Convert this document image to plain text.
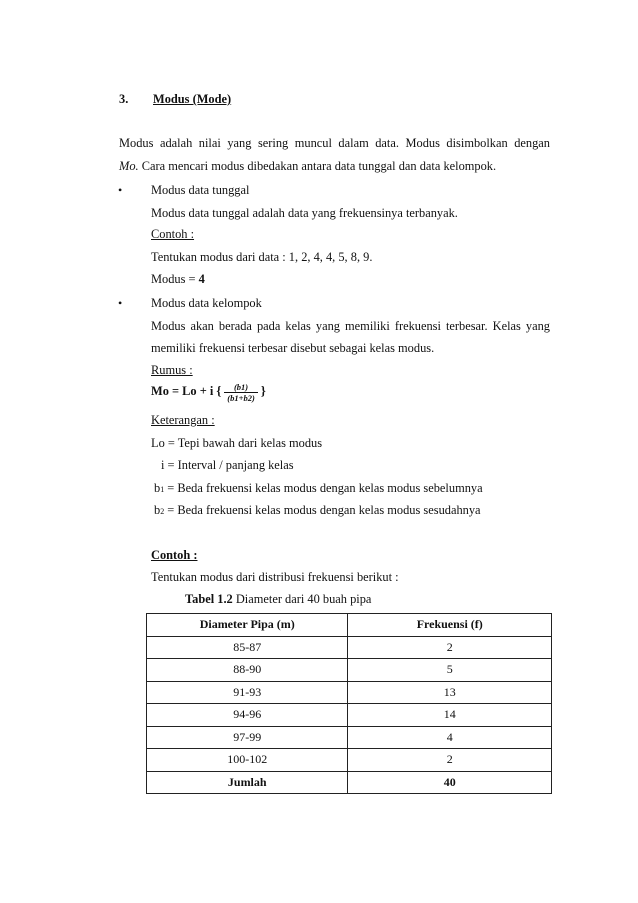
3. Modus (Mode)
Modus adalah nilai yang sering muncul dalam data. Modus disimbolkan dengan
Mo. Cara mencari modus dibedakan antara data tunggal dan data kelompok.
• Modus data tunggal
Modus data tunggal adalah data yang frekuensinya terbanyak.
Contoh :
Tentukan modus dari data : 1, 2, 4, 4, 5, 8, 9.
Modus = 4
• Modus data kelompok
Modus akan berada pada kelas yang memiliki frekuensi terbesar. Kelas yang
memiliki frekuensi terbesar disebut sebagai kelas modus.
Rumus :
Mo = Lo + i { $\frac{(b1)}{(b1+b2)}$ }
Keterangan :
Lo = Tepi bawah dari kelas modus
i = Interval / panjang kelas
b1 = Beda frekuensi kelas modus dengan kelas modus sebelumnya
b2 = Beda frekuensi kelas modus dengan kelas modus sesudahnya
Contoh :
Tentukan modus dari distribusi frekuensi berikut :
Tabel 1.2 Diameter dari 40 buah pipa
Diameter Pipa (m)	Frekuensi (f)
85-87	2
88-90	5
91-93	13
94-96	14
97-99	4
100-102	2
Jumlah	40
